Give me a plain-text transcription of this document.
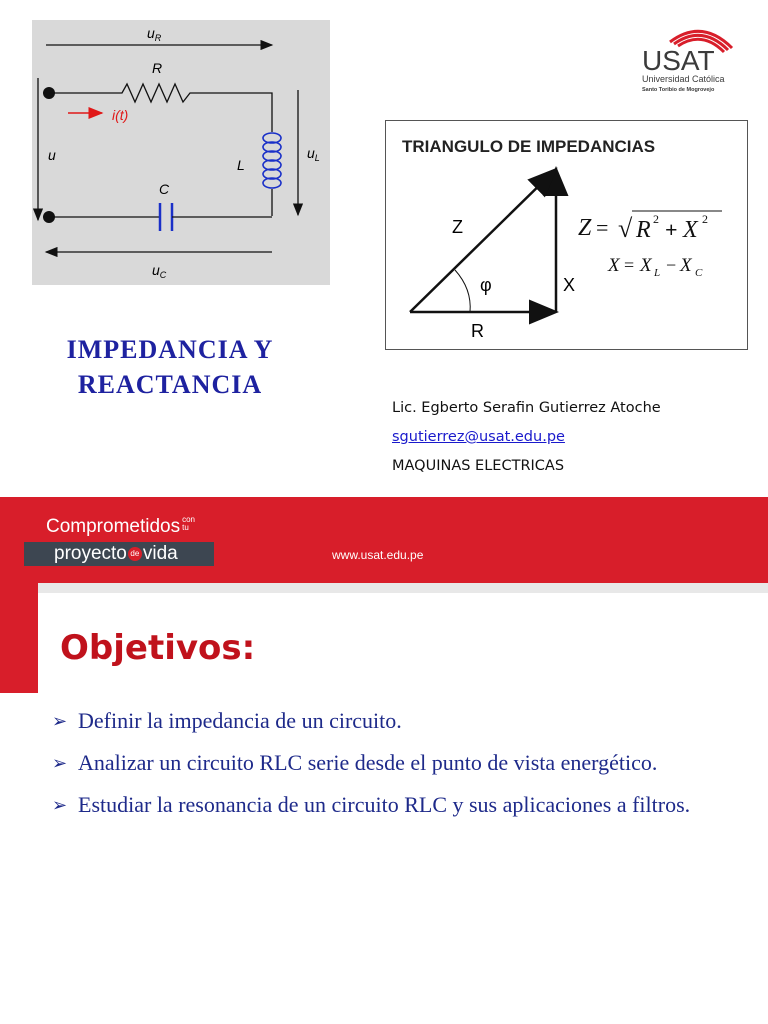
$u_R$
R
i(t)
u
L
$u_L$
C
$u_C$
USAT
Universidad Católica
Santo Toribio de Mogrovejo
TRIANGULO DE IMPEDANCIAS
Z
φ	X
R
Z = √ R 2 + X 2
X = X L − X C
IMPEDANCIA Y
REACTANCIA
Lic. Egberto Serafin Gutierrez Atoche
sgutierrez@usat.edu.pe
MAQUINAS ELECTRICAS
Comprometidos con
tu
proyecto de vida	www.usat.edu.pe
Objetivos:
➢ Definir la impedancia de un circuito.
➢ Analizar un circuito RLC serie desde el punto de vista energético.
➢ Estudiar la resonancia de un circuito RLC y sus aplicaciones a filtros.
